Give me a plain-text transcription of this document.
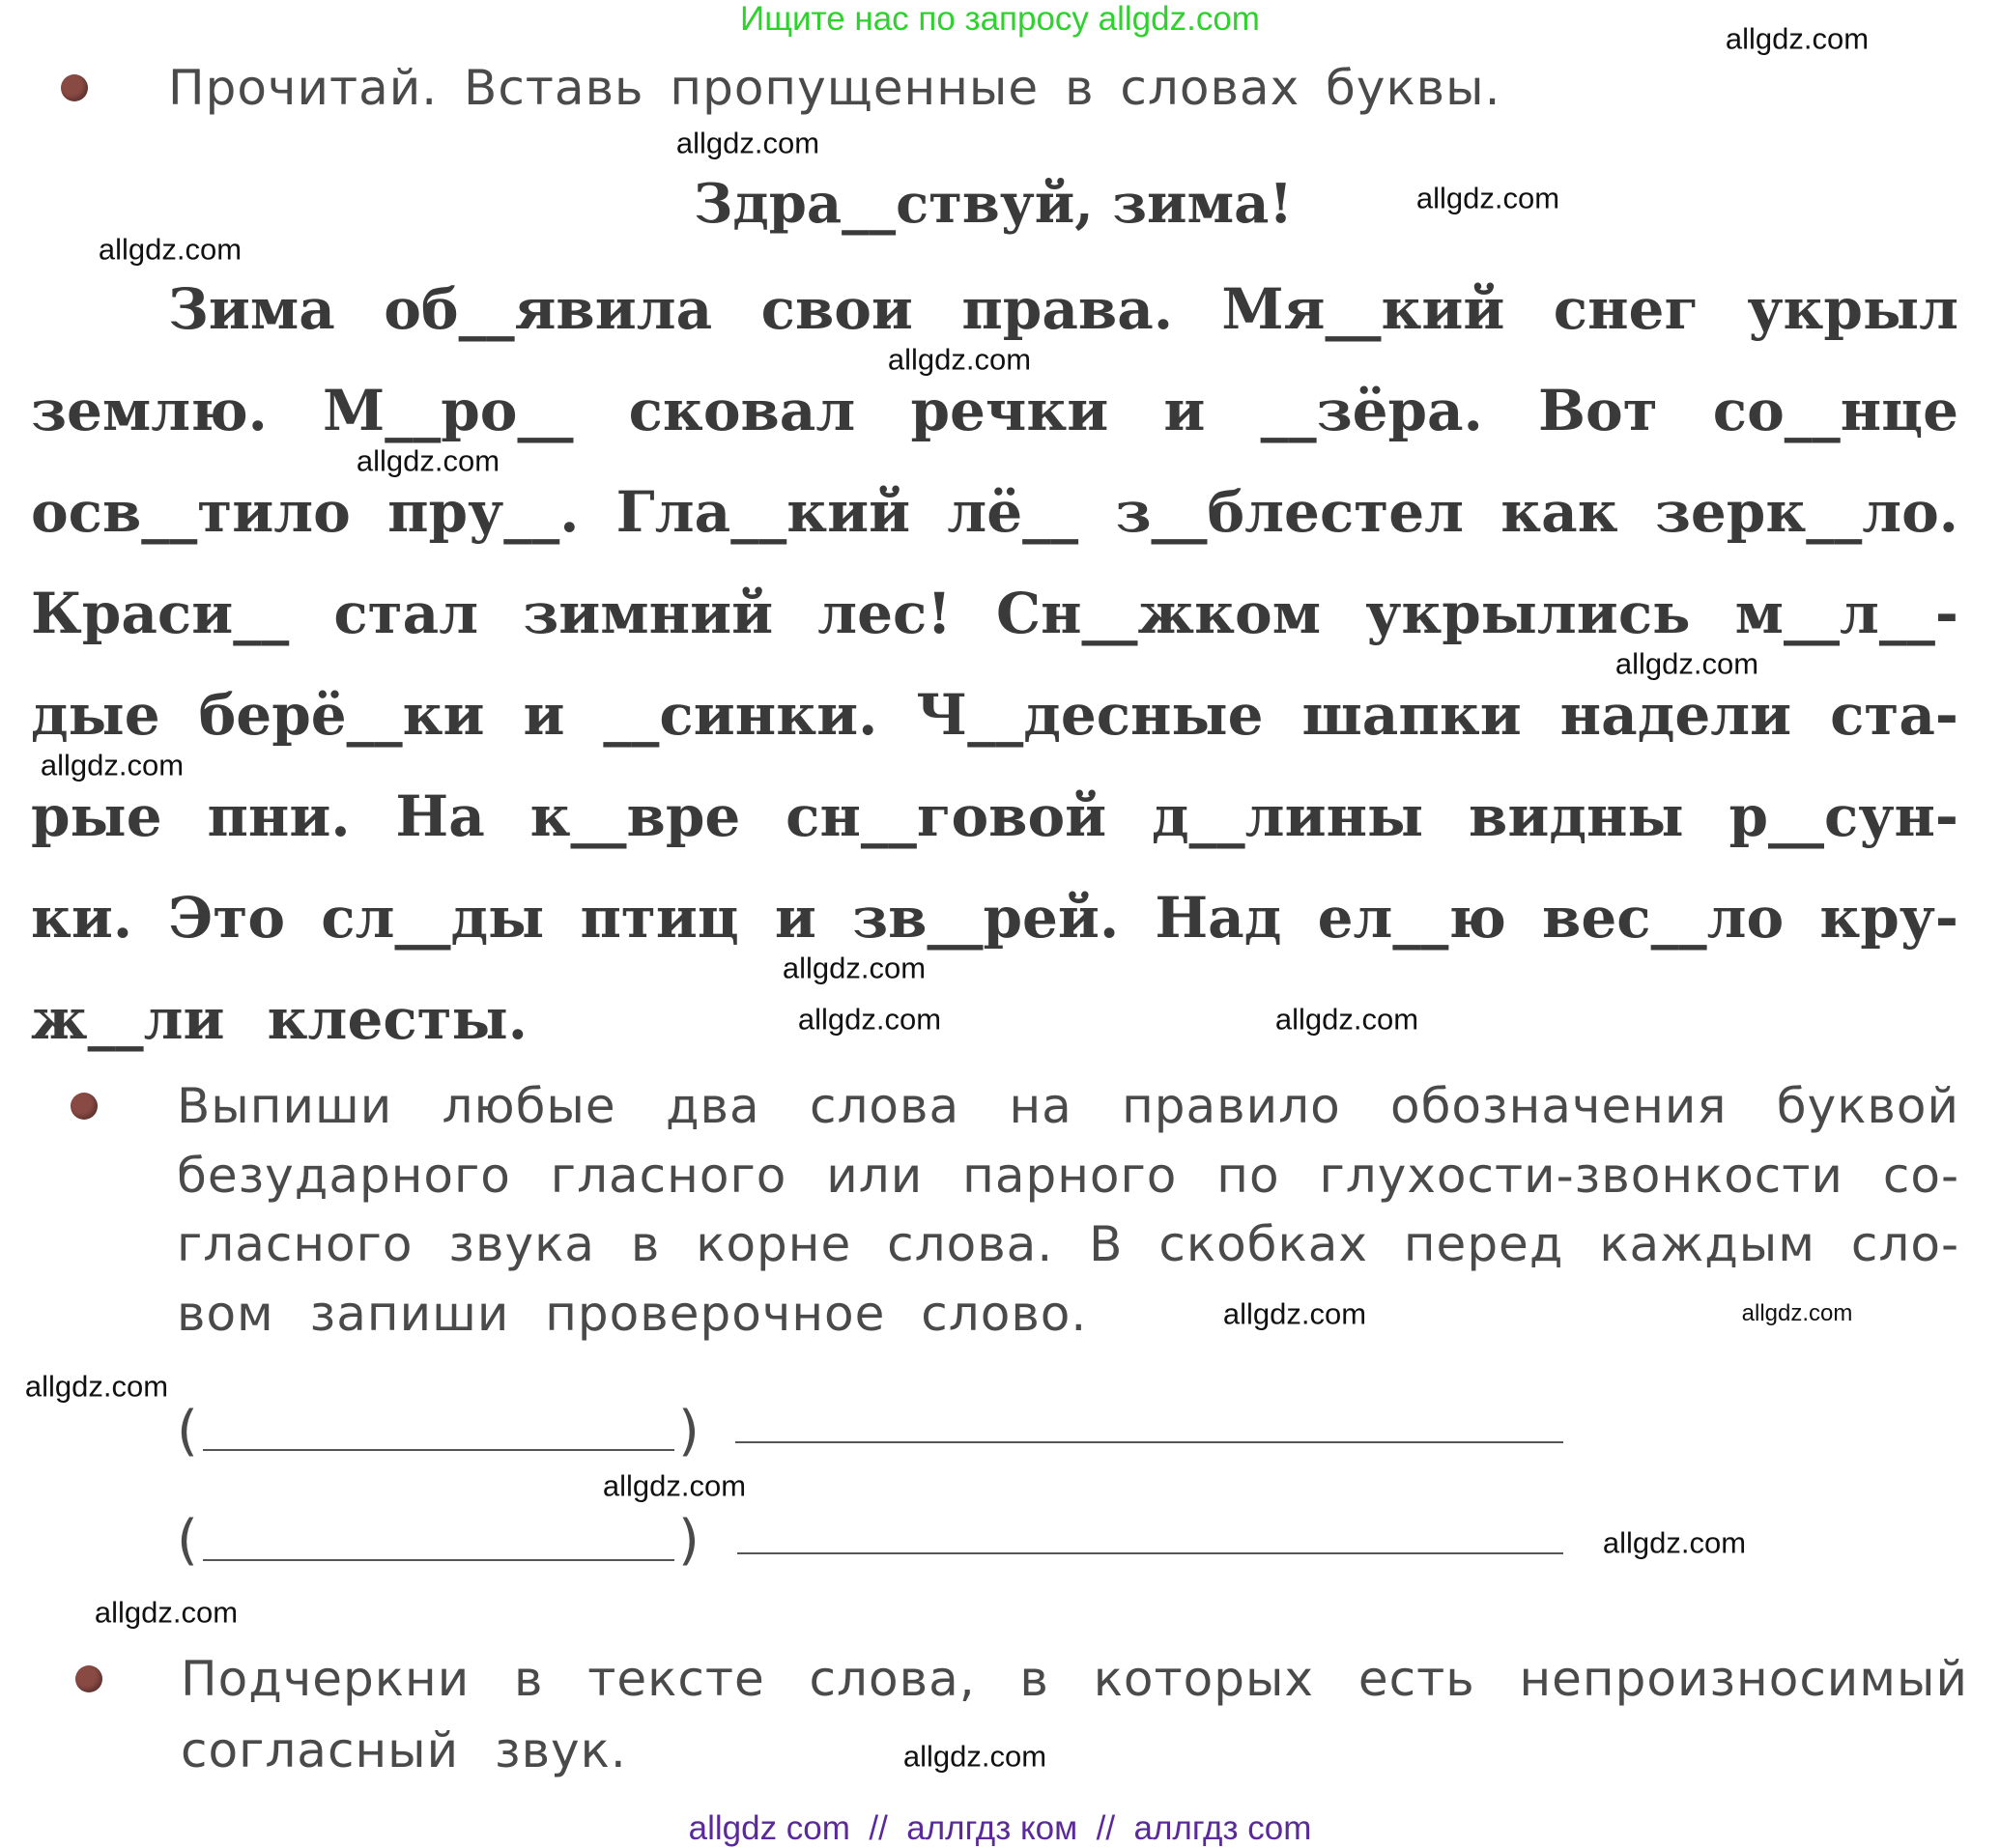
Ищите нас по запросу allgdz.com
Прочитай. Вставь пропущенные в словах буквы.
Здра__ствуй, зима!
Зима об__явила свои права. Мя__кий снег укрыл
землю. М__ро__ сковал речки и __зёра. Вот со__нце
осв__тило пру__. Гла__кий лё__ з__блестел как зерк__ло.
Краси__ стал зимний лес! Сн__жком укрылись м__л__-
дые берё__ки и __синки. Ч__десные шапки надели ста-
рые пни. На к__вре сн__говой д__лины видны р__сун-
ки. Это сл__ды птиц и зв__рей. Над ел__ю вес__ло кру-
ж__ли клесты.
Выпиши любые два слова на правило обозначения буквой
безударного гласного или парного по глухости-звонкости со-
гласного звука в корне слова. В скобках перед каждым сло-
вом запиши проверочное слово.
(	)
(	)
Подчеркни в тексте слова, в которых есть непроизносимый
согласный звук.
allgdz.com
allgdz.com
allgdz.com
allgdz.com
allgdz.com
allgdz.com
allgdz.com
allgdz.com
allgdz.com
allgdz.com
allgdz.com
allgdz.com
allgdz.com
allgdz.com
allgdz.com
allgdz.com
allgdz.com
allgdz.com
allgdz com  //  аллгдз ком  //  аллгдз com
